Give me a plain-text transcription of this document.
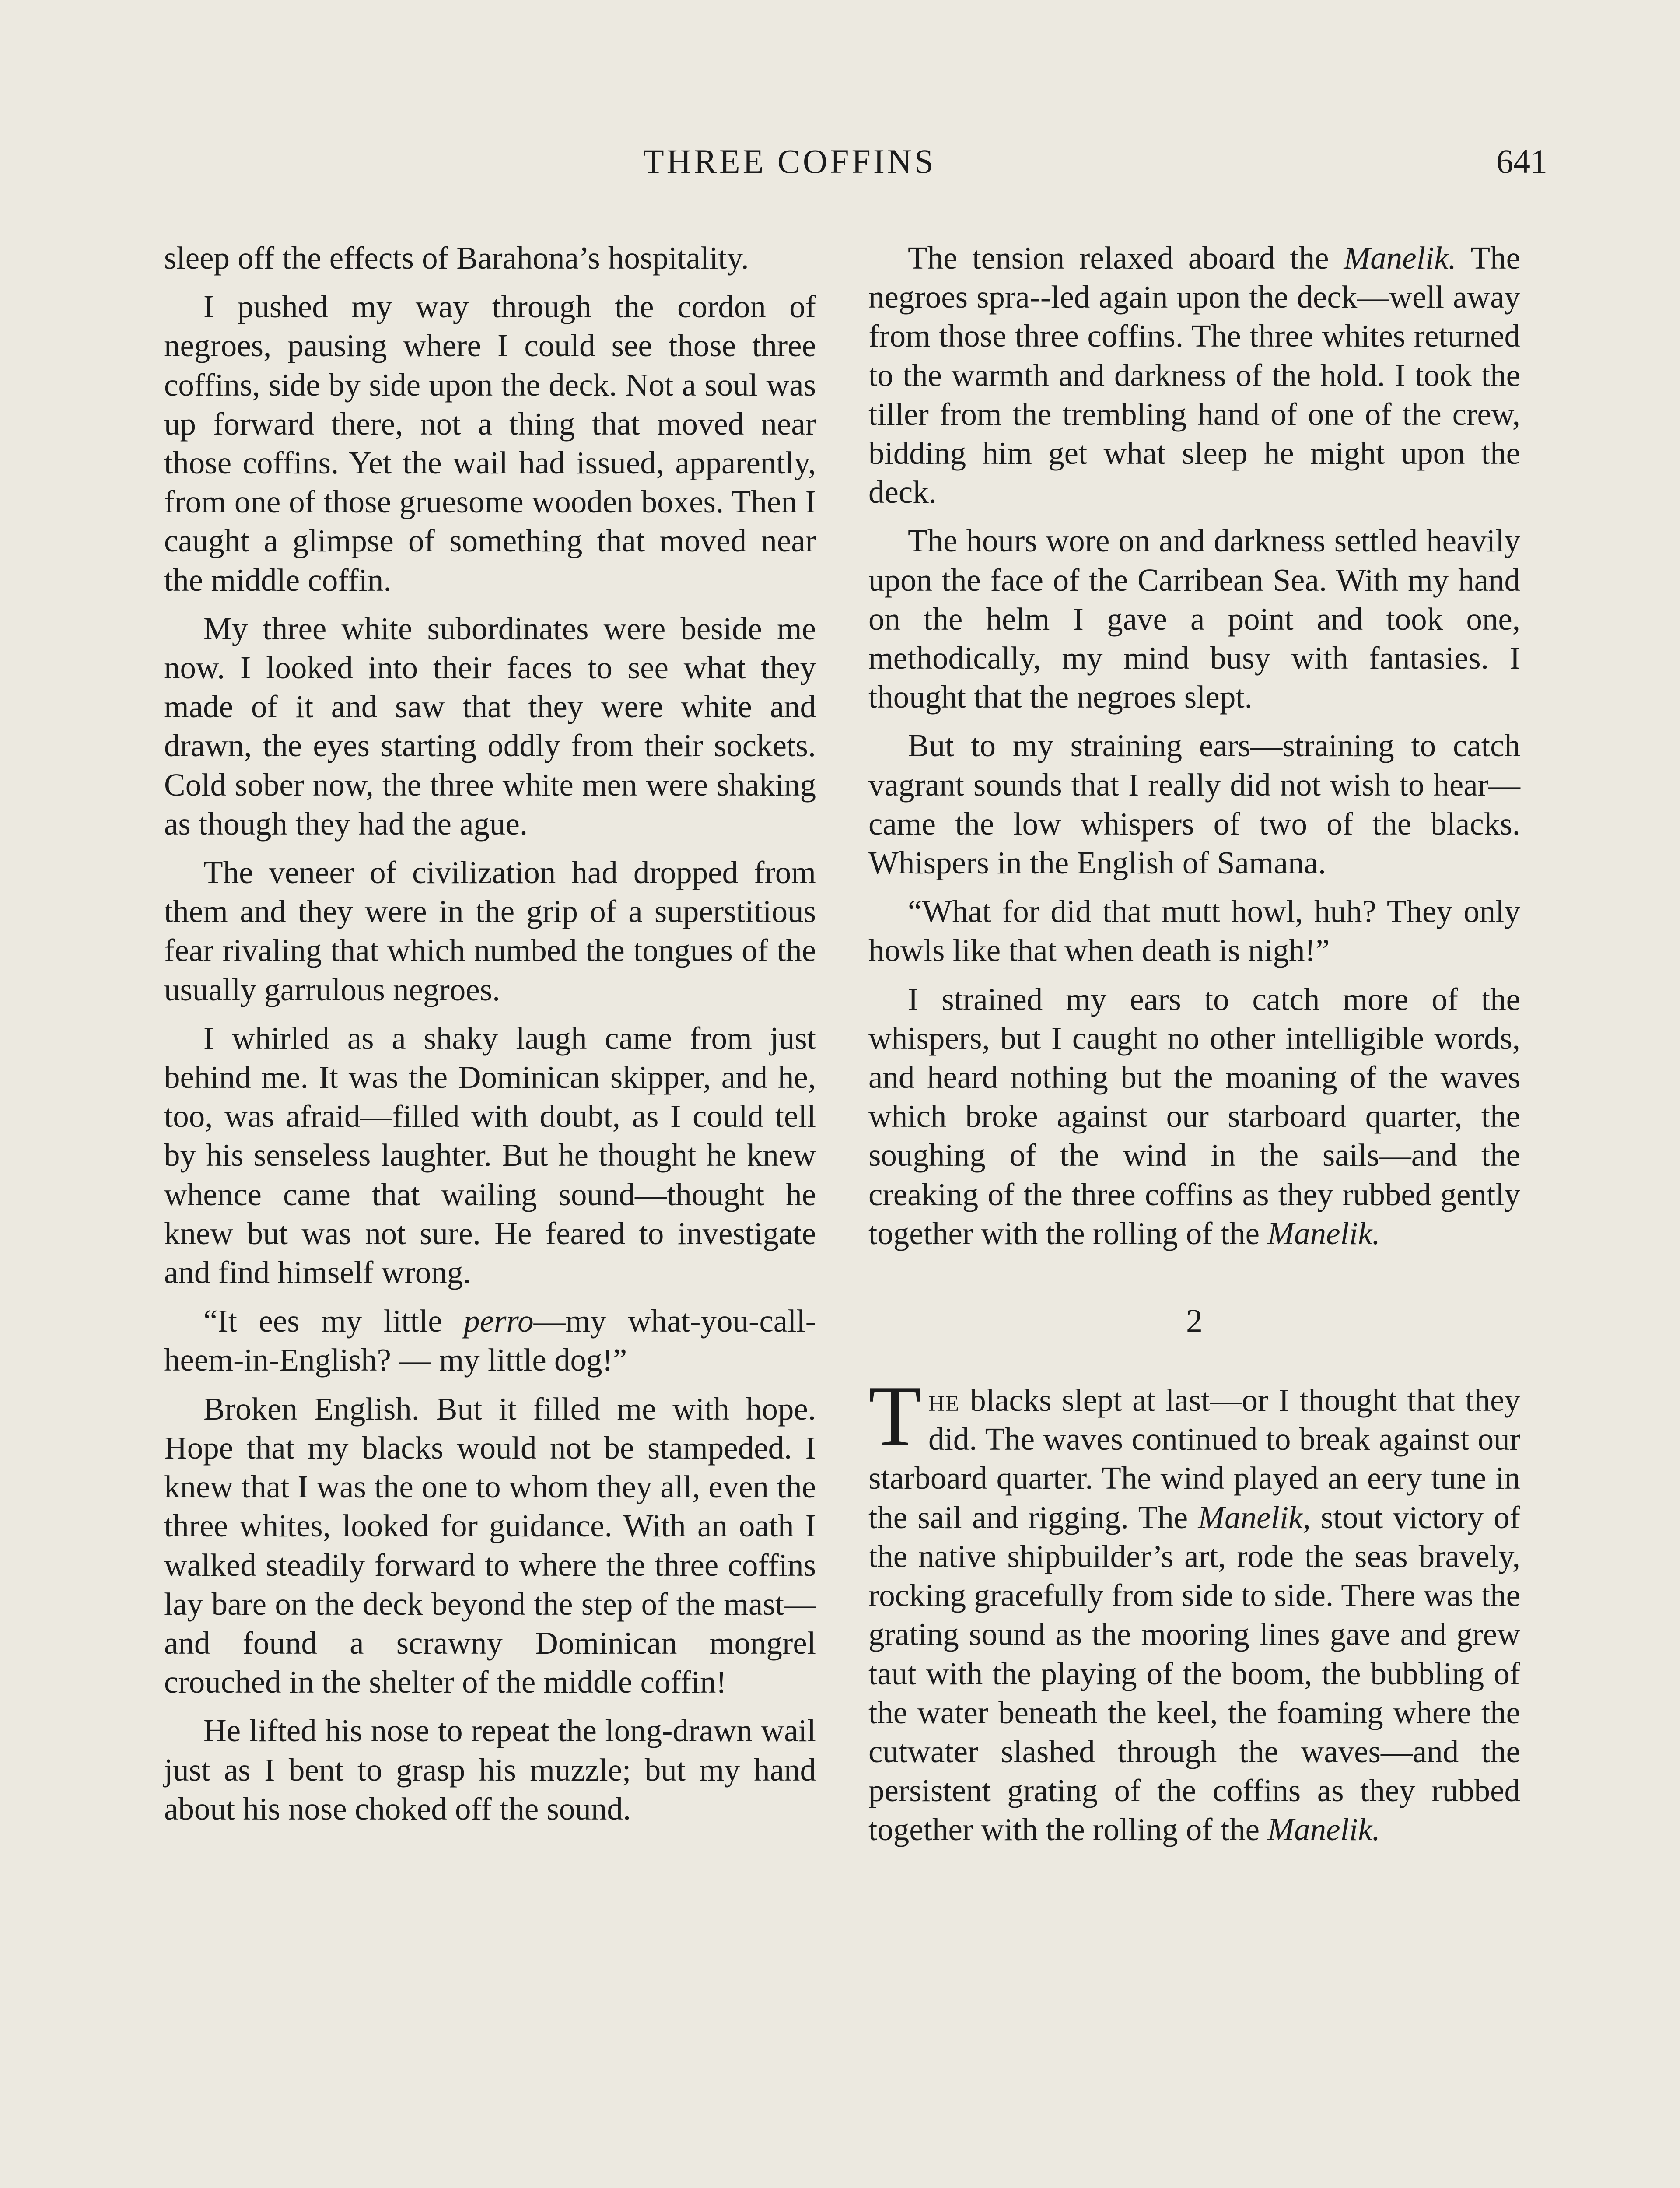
THREE COFFINS	641

sleep off the effects of Barahona’s hospitality.

I pushed my way through the cordon of negroes, pausing where I could see those three coffins, side by side upon the deck. Not a soul was up forward there, not a thing that moved near those coffins. Yet the wail had issued, apparently, from one of those gruesome wooden boxes. Then I caught a glimpse of something that moved near the middle coffin.

My three white subordinates were beside me now. I looked into their faces to see what they made of it and saw that they were white and drawn, the eyes starting oddly from their sockets. Cold sober now, the three white men were shaking as though they had the ague.

The veneer of civilization had dropped from them and they were in the grip of a superstitious fear rivaling that which numbed the tongues of the usually garrulous negroes.

I whirled as a shaky laugh came from just behind me. It was the Dominican skipper, and he, too, was afraid—filled with doubt, as I could tell by his senseless laughter. But he thought he knew whence came that wailing sound—thought he knew but was not sure. He feared to investigate and find himself wrong.

“It ees my little perro—my what-you-call-heem-in-English? — my little dog!”

Broken English. But it filled me with hope. Hope that my blacks would not be stampeded. I knew that I was the one to whom they all, even the three whites, looked for guidance. With an oath I walked steadily forward to where the three coffins lay bare on the deck beyond the step of the mast—and found a scrawny Dominican mongrel crouched in the shelter of the middle coffin!

He lifted his nose to repeat the long-drawn wail just as I bent to grasp his muzzle; but my hand about his nose choked off the sound.

The tension relaxed aboard the Manelik. The negroes spra‐‐led again upon the deck—well away from those three coffins. The three whites returned to the warmth and darkness of the hold. I took the tiller from the trembling hand of one of the crew, bidding him get what sleep he might upon the deck.

The hours wore on and darkness settled heavily upon the face of the Carribean Sea. With my hand on the helm I gave a point and took one, methodically, my mind busy with fantasies. I thought that the negroes slept.

But to my straining ears—straining to catch vagrant sounds that I really did not wish to hear—came the low whispers of two of the blacks. Whispers in the English of Samana.

“What for did that mutt howl, huh? They only howls like that when death is nigh!”

I strained my ears to catch more of the whispers, but I caught no other intelligible words, and heard nothing but the moaning of the waves which broke against our starboard quarter, the soughing of the wind in the sails—and the creaking of the three coffins as they rubbed gently together with the rolling of the Manelik.

2

The blacks slept at last—or I thought that they did. The waves continued to break against our starboard quarter. The wind played an eery tune in the sail and rigging. The Manelik, stout victory of the native shipbuilder’s art, rode the seas bravely, rocking gracefully from side to side. There was the grating sound as the mooring lines gave and grew taut with the playing of the boom, the bubbling of the water beneath the keel, the foaming where the cutwater slashed through the waves—and the persistent grating of the coffins as they rubbed together with the rolling of the Manelik.
